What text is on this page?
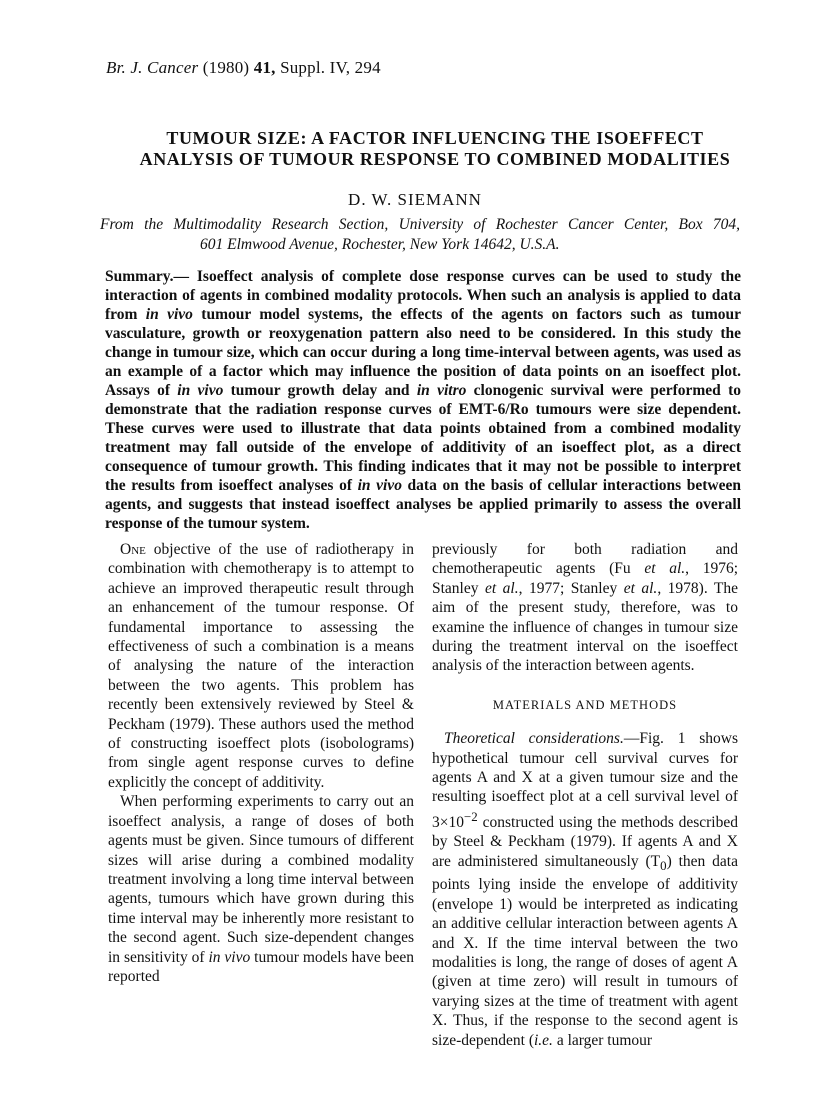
Br. J. Cancer (1980) 41, Suppl. IV, 294
TUMOUR SIZE: A FACTOR INFLUENCING THE ISOEFFECT
ANALYSIS OF TUMOUR RESPONSE TO COMBINED MODALITIES
D. W. SIEMANN
From the Multimodality Research Section, University of Rochester Cancer Center, Box 704,
601 Elmwood Avenue, Rochester, New York 14642, U.S.A.
Summary.— Isoeffect analysis of complete dose response curves can be used to study the interaction of agents in combined modality protocols. When such an analysis is applied to data from in vivo tumour model systems, the effects of the agents on factors such as tumour vasculature, growth or reoxygenation pattern also need to be considered. In this study the change in tumour size, which can occur during a long time-interval between agents, was used as an example of a factor which may influence the position of data points on an isoeffect plot. Assays of in vivo tumour growth delay and in vitro clonogenic survival were performed to demonstrate that the radiation response curves of EMT-6/Ro tumours were size dependent. These curves were used to illustrate that data points obtained from a combined modality treatment may fall outside of the envelope of additivity of an isoeffect plot, as a direct consequence of tumour growth. This finding indicates that it may not be possible to interpret the results from isoeffect analyses of in vivo data on the basis of cellular interactions between agents, and suggests that instead isoeffect analyses be applied primarily to assess the overall response of the tumour system.

One objective of the use of radiotherapy in combination with chemotherapy is to attempt to achieve an improved therapeutic result through an enhancement of the tumour response. Of fundamental importance to assessing the effectiveness of such a combination is a means of analysing the nature of the interaction between the two agents. This problem has recently been extensively reviewed by Steel & Peckham (1979). These authors used the method of constructing isoeffect plots (isobolograms) from single agent response curves to define explicitly the concept of additivity.

When performing experiments to carry out an isoeffect analysis, a range of doses of both agents must be given. Since tumours of different sizes will arise during a combined modality treatment involving a long time interval between agents, tumours which have grown during this time interval may be inherently more resistant to the second agent. Such size-dependent changes in sensitivity of in vivo tumour models have been reported

previously for both radiation and chemotherapeutic agents (Fu et al., 1976; Stanley et al., 1977; Stanley et al., 1978). The aim of the present study, therefore, was to examine the influence of changes in tumour size during the treatment interval on the isoeffect analysis of the interaction between agents.

MATERIALS AND METHODS

Theoretical considerations.—Fig. 1 shows hypothetical tumour cell survival curves for agents A and X at a given tumour size and the resulting isoeffect plot at a cell survival level of $3\times 10^{-2}$ constructed using the methods described by Steel & Peckham (1979). If agents A and X are administered simultaneously $(T_0)$ then data points lying inside the envelope of additivity (envelope 1) would be interpreted as indicating an additive cellular interaction between agents A and X. If the time interval between the two modalities is long, the range of doses of agent A (given at time zero) will result in tumours of varying sizes at the time of treatment with agent X. Thus, if the response to the second agent is size-dependent (i.e. a larger tumour
